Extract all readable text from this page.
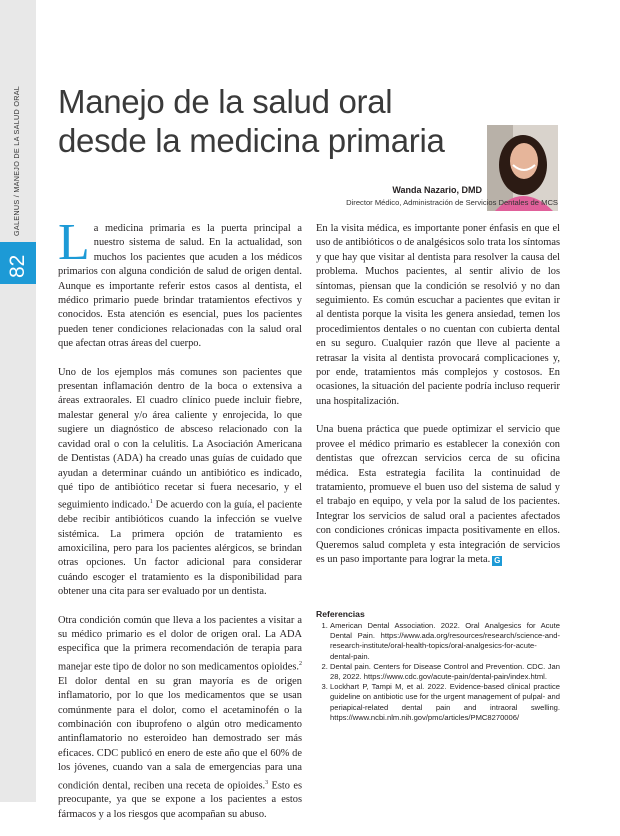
GALENUS / MANEJO DE LA SALUD ORAL
82
Manejo de la salud oral desde la medicina primaria
Wanda Nazario, DMD
Director Médico, Administración de Servicios Dentales de MCS

La medicina primaria es la puerta principal a nuestro sistema de salud. En la actualidad, son muchos los pacientes que acuden a los médicos primarios con alguna condición de salud de origen dental. Aunque es importante referir estos casos al dentista, el médico primario puede brindar tratamientos efectivos y conocidos. Esta atención es esencial, pues los pacientes pueden tener condiciones relacionadas con la salud oral que afectan otras áreas del cuerpo.

Uno de los ejemplos más comunes son pacientes que presentan inflamación dentro de la boca o extensiva a áreas extraorales. El cuadro clínico puede incluir fiebre, malestar general y/o área caliente y enrojecida, lo que sugiere un diagnóstico de absceso relacionado con la cavidad oral o con la celulitis. La Asociación Americana de Dentistas (ADA) ha creado unas guías de cuidado que ayudan a determinar cuándo un antibiótico es indicado, qué tipo de antibiótico recetar si fuera necesario, y el seguimiento indicado.$^1$ De acuerdo con la guía, el paciente debe recibir antibióticos cuando la infección se vuelve sistémica. La primera opción de tratamiento es amoxicilina, pero para los pacientes alérgicos, se brindan otras opciones. Un factor adicional para considerar cuándo escoger el tratamiento es la disponibilidad para obtener una cita para ser evaluado por un dentista.

Otra condición común que lleva a los pacientes a visitar a su médico primario es el dolor de origen oral. La ADA especifica que la primera recomendación de terapia para manejar este tipo de dolor no son medicamentos opioides.$^2$ El dolor dental en su gran mayoría es de origen inflamatorio, por lo que los medicamentos que se usan comúnmente para el dolor, como el acetaminofén o la combinación con ibuprofeno o algún otro medicamento antinflamatorio no esteroideo han demostrado ser más eficaces. CDC publicó en enero de este año que el 60% de los jóvenes, cuando van a sala de emergencias para una condición dental, reciben una receta de opioides.$^3$ Esto es preocupante, ya que se expone a los pacientes a estos fármacos y a los riesgos que acompañan su abuso.

En la visita médica, es importante poner énfasis en que el uso de antibióticos o de analgésicos solo trata los síntomas y que hay que visitar al dentista para resolver la causa del problema. Muchos pacientes, al sentir alivio de los síntomas, piensan que la condición se resolvió y no dan seguimiento. Es común escuchar a pacientes que evitan ir al dentista porque la visita les genera ansiedad, temen los procedimientos dentales o no cuentan con cubierta dental en su seguro. Cualquier razón que lleve al paciente a retrasar la visita al dentista provocará complicaciones y, por ende, tratamientos más complejos y costosos. En ocasiones, la situación del paciente podría incluso requerir una hospitalización.

Una buena práctica que puede optimizar el servicio que provee el médico primario es establecer la conexión con dentistas que ofrezcan servicios cerca de su oficina médica. Esta estrategia facilita la continuidad de tratamiento, promueve el buen uso del sistema de salud y el trabajo en equipo, y vela por la salud de los pacientes. Integrar los servicios de salud oral a pacientes afectados con condiciones crónicas impacta positivamente en ellos. Queremos salud completa y esta integración de servicios es un paso importante para lograr la meta. G

Referencias
1. American Dental Association. 2022. Oral Analgesics for Acute Dental Pain. https://www.ada.org/resources/research/science-and-research-institute/oral-health-topics/oral-analgesics-for-acute-dental-pain.
2. Dental pain. Centers for Disease Control and Prevention. CDC. Jan 28, 2022. https://www.cdc.gov/acute-pain/dental-pain/index.html.
3. Lockhart P, Tampi M, et al. 2022. Evidence-based clinical practice guideline on antibiotic use for the urgent management of pulpal- and periapical-related dental pain and intraoral swelling. https://www.ncbi.nlm.nih.gov/pmc/articles/PMC8270006/
